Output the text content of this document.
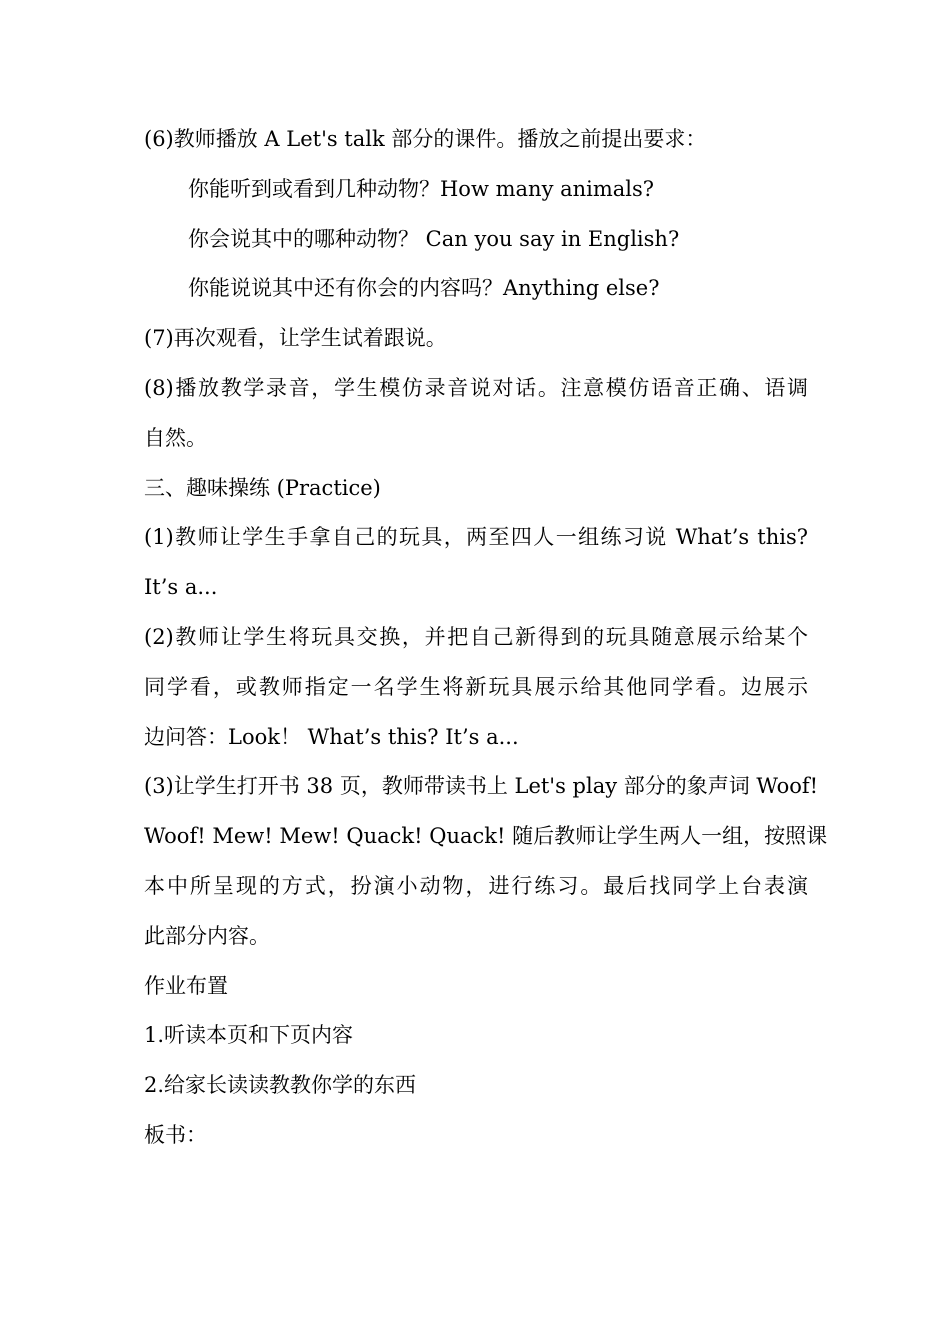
(6)教师播放 A Let's talk 部分的课件。播放之前提出要求：
你能听到或看到几种动物？How many animals?
你会说其中的哪种动物？ Can you say in English?
你能说说其中还有你会的内容吗？Anything else?
(7)再次观看，让学生试着跟说。
(8)播放教学录音，学生模仿录音说对话。注意模仿语音正确、语调
自然。
三、趣味操练 (Practice)
(1)教师让学生手拿自己的玩具，两至四人一组练习说 What’s this?
It’s a...
(2)教师让学生将玩具交换，并把自己新得到的玩具随意展示给某个
同学看，或教师指定一名学生将新玩具展示给其他同学看。边展示
边问答：Look！ What’s this? It’s a...
(3)让学生打开书 38 页，教师带读书上 Let's play 部分的象声词 Woof!
Woof! Mew! Mew! Quack! Quack! 随后教师让学生两人一组，按照课
本中所呈现的方式，扮演小动物，进行练习。最后找同学上台表演
此部分内容。
作业布置
1.听读本页和下页内容
2.给家长读读教教你学的东西
板书：
